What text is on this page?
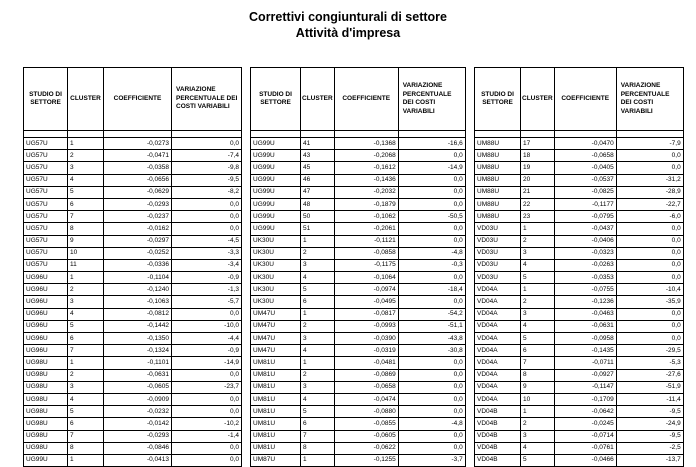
Correttivi congiunturali di settore
Attività d'impresa
STUDIO DI SETTORE	CLUSTER	COEFFICIENTE	VARIAZIONE PERCENTUALE DEI COSTI VARIABILI

UG57U	1	-0,0273	0,0
UG57U	2	-0,0471	-7,4
UG57U	3	-0,0358	-9,8
UG57U	4	-0,0656	-9,5
UG57U	5	-0,0629	-8,2
UG57U	6	-0,0293	0,0
UG57U	7	-0,0237	0,0
UG57U	8	-0,0162	0,0
UG57U	9	-0,0297	-4,5
UG57U	10	-0,0252	-3,3
UG57U	11	-0,0336	-3,4
UG96U	1	-0,1104	-0,9
UG96U	2	-0,1240	-1,3
UG96U	3	-0,1063	-5,7
UG96U	4	-0,0812	0,0
UG96U	5	-0,1442	-10,0
UG96U	6	-0,1350	-4,4
UG96U	7	-0,1324	-0,9
UG98U	1	-0,1101	-14,9
UG98U	2	-0,0631	0,0
UG98U	3	-0,0605	-23,7
UG98U	4	-0,0909	0,0
UG98U	5	-0,0232	0,0
UG98U	6	-0,0142	-10,2
UG98U	7	-0,0293	-1,4
UG98U	8	-0,0846	0,0
UG99U	1	-0,0413	0,0
STUDIO DI SETTORE	CLUSTER	COEFFICIENTE	VARIAZIONE PERCENTUALE DEI COSTI VARIABILI

UG99U	41	-0,1368	-16,6
UG99U	43	-0,2068	0,0
UG99U	45	-0,1612	-14,9
UG99U	46	-0,1436	0,0
UG99U	47	-0,2032	0,0
UG99U	48	-0,1879	0,0
UG99U	50	-0,1062	-50,5
UG99U	51	-0,2061	0,0
UK30U	1	-0,1121	0,0
UK30U	2	-0,0858	-4,8
UK30U	3	-0,1175	-0,3
UK30U	4	-0,1064	0,0
UK30U	5	-0,0974	-18,4
UK30U	6	-0,0495	0,0
UM47U	1	-0,0817	-54,2
UM47U	2	-0,0993	-51,1
UM47U	3	-0,0390	-43,8
UM47U	4	-0,0319	-30,8
UM81U	1	-0,0481	0,0
UM81U	2	-0,0869	0,0
UM81U	3	-0,0658	0,0
UM81U	4	-0,0474	0,0
UM81U	5	-0,0880	0,0
UM81U	6	-0,0855	-4,8
UM81U	7	-0,0605	0,0
UM81U	8	-0,0622	0,0
UM87U	1	-0,1255	-3,7
STUDIO DI SETTORE	CLUSTER	COEFFICIENTE	VARIAZIONE PERCENTUALE DEI COSTI VARIABILI

UM88U	17	-0,0470	-7,9
UM88U	18	-0,0658	0,0
UM88U	19	-0,0405	0,0
UM88U	20	-0,0537	-31,2
UM88U	21	-0,0825	-28,9
UM88U	22	-0,1177	-22,7
UM88U	23	-0,0795	-6,0
VD03U	1	-0,0437	0,0
VD03U	2	-0,0406	0,0
VD03U	3	-0,0323	0,0
VD03U	4	-0,0263	0,0
VD03U	5	-0,0353	0,0
VD04A	1	-0,0755	-10,4
VD04A	2	-0,1236	-35,9
VD04A	3	-0,0463	0,0
VD04A	4	-0,0631	0,0
VD04A	5	-0,0958	0,0
VD04A	6	-0,1435	-29,5
VD04A	7	-0,0711	-5,3
VD04A	8	-0,0927	-27,6
VD04A	9	-0,1147	-51,9
VD04A	10	-0,1709	-11,4
VD04B	1	-0,0642	-9,5
VD04B	2	-0,0245	-24,9
VD04B	3	-0,0714	-9,5
VD04B	4	-0,0761	-2,5
VD04B	5	-0,0466	-13,7
